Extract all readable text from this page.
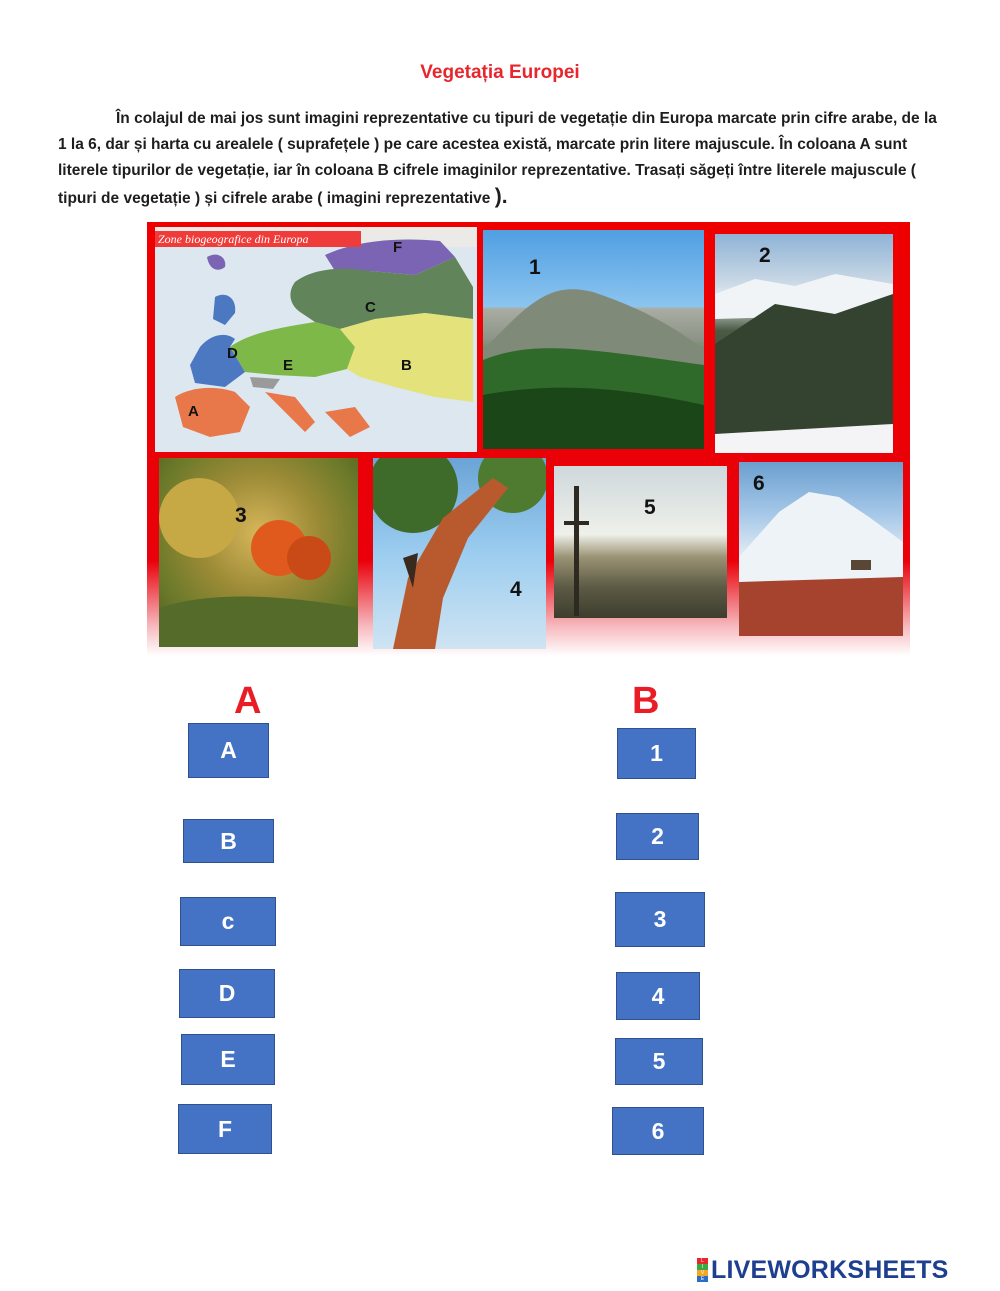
Vegetația Europei

În colajul de mai jos sunt imagini reprezentative cu tipuri de vegetație din Europa marcate prin cifre arabe, de la 1 la 6, dar și harta cu arealele ( suprafețele ) pe care acestea există, marcate prin litere majuscule. În coloana A sunt literele tipurilor de vegetație, iar în coloana B cifrele imaginilor reprezentative. Trasați săgeți între literele majuscule ( tipuri de vegetație ) și cifrele arabe ( imagini reprezentative ).

Zone biogeografice din Europa	F
C
D
E	B
A
1
2
3
4
5
6
A	B
A
B
c
D
E
F
1
2
3
4
5
6
L
I
V
E LIVEWORKSHEETS
